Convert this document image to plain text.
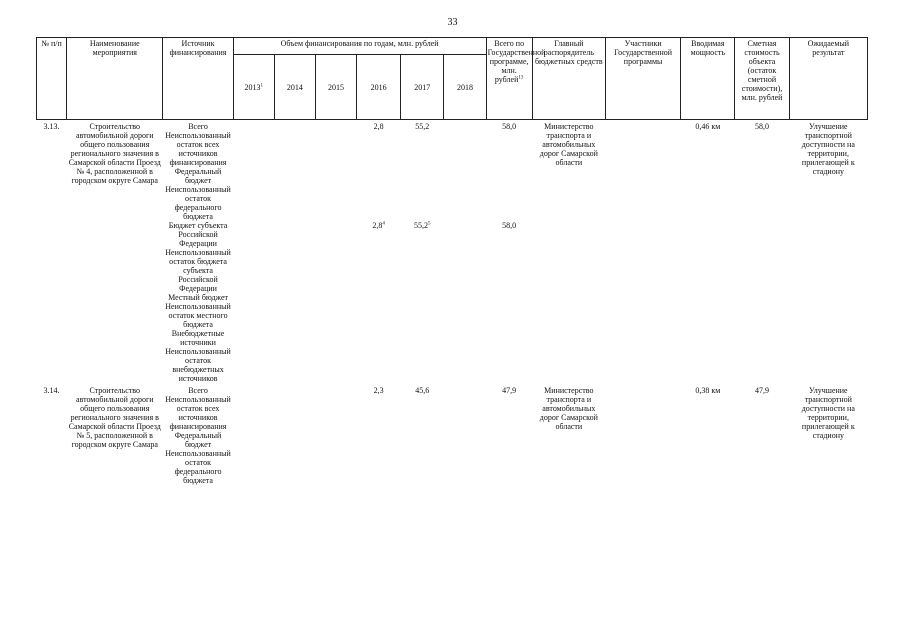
33
№ п/п	Наименование мероприятия	Источник финансирования	Объем финансирования по годам, млн. рублей						Всего по Государственной программе, млн. рублей$^{13}$	Главный распорядитель бюджетных средств	Участники Государственной программы	Вводимая мощность	Сметная стоимость объекта (остаток сметной стоимости), млн. рублей	Ожидаемый результат
			2013$^1$	2014	2015	2016	2017	2018						
3.13.	Строительство автомобильной дороги общего пользования регионального значения в Самарской области Проезд № 4, расположенной в городском округе Самара	Всего Неиспользованный остаток всех источников финансирования Федеральный бюджет Неиспользованный остаток федерального бюджета				2,8	55,2		58,0	Министерство транспорта и автомобильных дорог Самарской области		0,46 км	58,0	Улучшение транспортной доступности на территории, прилегающей к стадиону
		Бюджет субъекта Российской Федерации Неиспользованный остаток бюджета субъекта Российской Федерации Местный бюджет Неиспользованный остаток местного бюджета Внебюджетные источники Неиспользованный остаток внебюджетных источников				$2,8^4$	55,2$^5$		58,0					
3.14.	Строительство автомобильной дороги общего пользования регионального значения в Самарской области Проезд № 5, расположенной в городском округе Самара	Всего Неиспользованный остаток всех источников финансирования Федеральный бюджет Неиспользованный остаток федерального бюджета				2,3	45,6		47,9	Министерство транспорта и автомобильных дорог Самарской области		0,38 км	47,9	Улучшение транспортной доступности на территории, прилегающей к стадиону
